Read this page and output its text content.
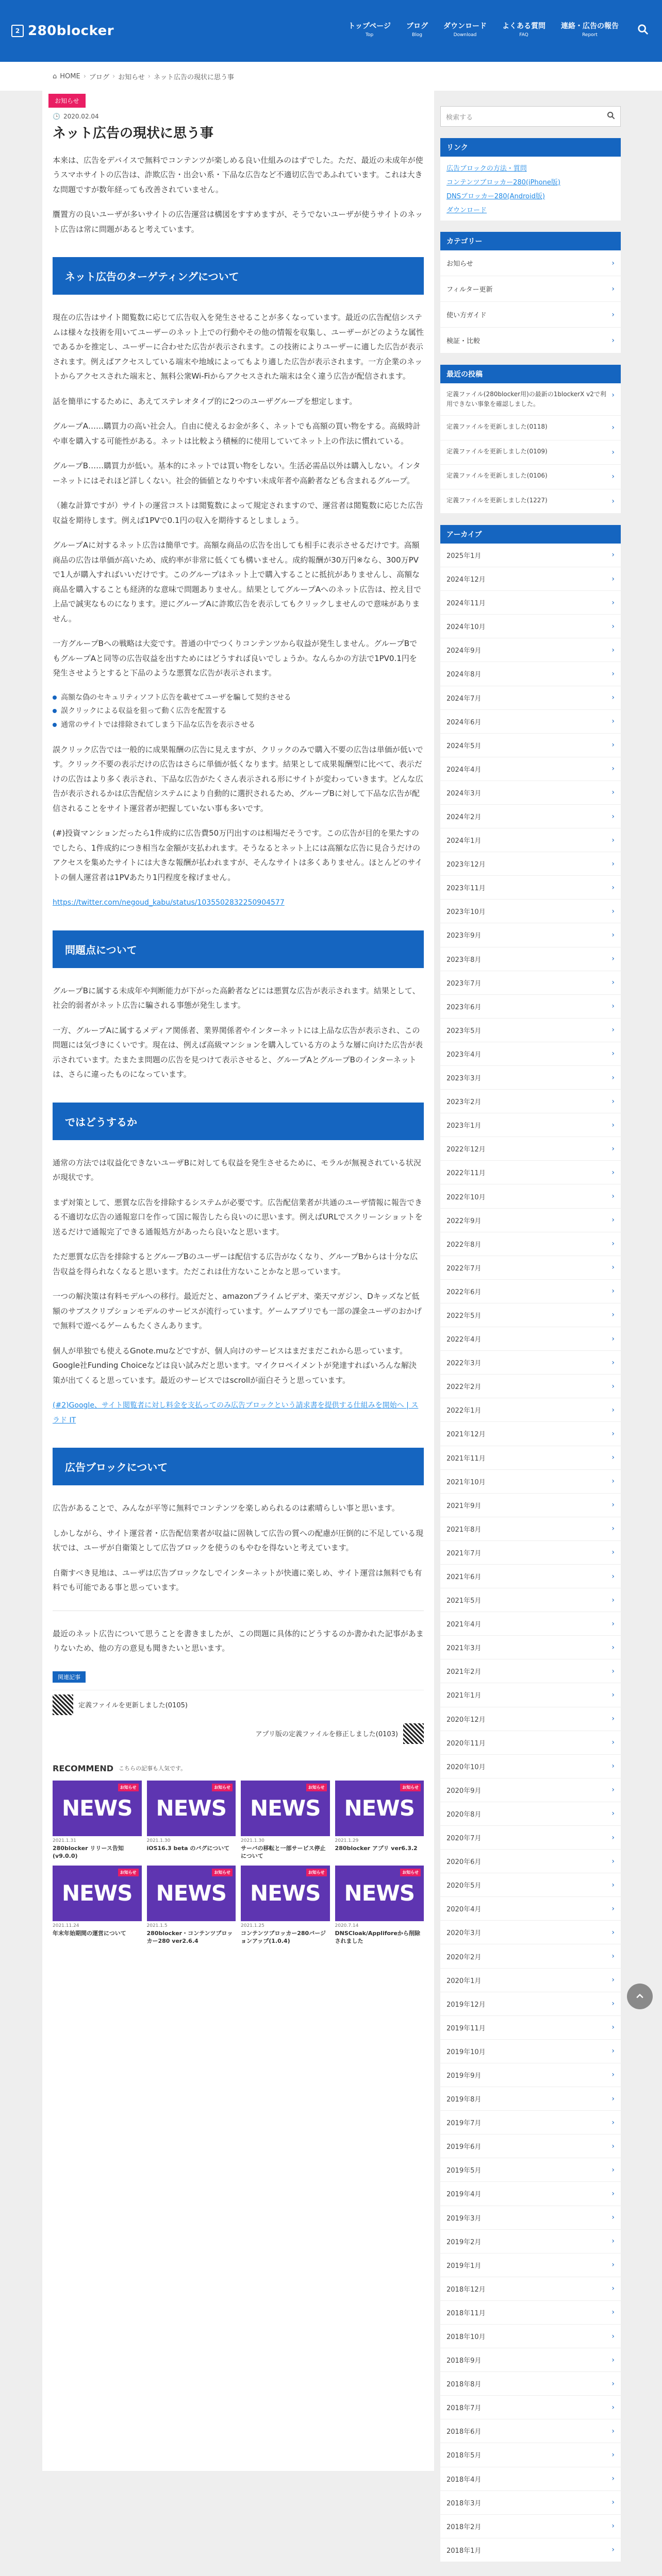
2 280blocker	トップページ
Top
ブログ
Blog
ダウンロード
Download
よくある質問
FAQ
連絡・広告の報告
Report
⌂ HOME › ブログ › お知らせ › ネット広告の現状に思う事
お知らせ
🕒 2020.02.04
ネット広告の現状に思う事

本来は、広告をデバイスで無料でコンテンツが楽しめる良い仕組みのはずでした。ただ、最近の未成年が使うスマホサイトの広告は、詐欺広告・出会い系・下品な広告など不適切広告であふれています。これは大きな問題ですが数年経っても改善されていません。

贋置方の良いユーザが多いサイトの広告運営は構図をすすめますが、そうでないユーザが使うサイトのネット広告は常に問題があると考えています。

ネット広告のターゲティングについて

現在の広告はサイト閲覧数に応じて広告収入を発生させることが多くなっています。最近の広告配信システムは様々な技術を用いてユーザーのネット上での行動やその他の情報を収集し、ユーザーがどのような属性であるかを推定し、ユーザーに合わせた広告が表示されます。この技術によりユーザーに適した広告が表示されます。例えばアクセスしている端末や地域によってもより適した広告が表示されます。一方企業のネットからアクセスされた端末と、無料公衆Wi-Fiからアクセスされた端末は全く違う広告が配信されます。

話を簡単にするために、あえてステレオタイプ的に2つのユーザグループを想定します。

グループA……購買力の高い社会人。自由に使えるお金が多く、ネットでも高額の買い物をする。高級時計や車を購入する可能性がある。ネットは比較よう積極的に使用していてネット上の作法に慣れている。

グループB……購買力が低い。基本的にネットでは買い物をしない。生活必需品以外は購入しない。インターネットにはそれほど詳しくない。社会的価値となりやすい未成年者や高齢者なども含まれるグループ。

（雑な計算ですが）サイトの運営コストは閲覧数によって規定されますので、運営者は閲覧数に応じた広告収益を期待します。例えば1PVで0.1円の収入を期待するとしましょう。

グループAに対するネット広告は簡単です。高額な商品の広告を出しても相手に表示させるだけです。高額商品の広告は単価が高いため、成約率が非常に低くても構いません。成約報酬が30万円※なら、300万PVで1人が購入すればいいだけです。このグループはネット上で購入することに抵抗がありませんし、高額な商品を購入することも経済的な意味で問題ありません。結果としてグループAへのネット広告は、控え目で上品で誠実なものになります。逆にグループAに詐欺広告を表示してもクリックしませんので意味がありません。

一方グループBへの戦略は大変です。普通の中でつくりコンテンツから収益が発生しません。グループBでもグループAと同等の広告収益を出すためにはどうすれば良いでしょうか。なんらかの方法で1PV0.1円を発生させようとすると下品のような悪質な広告が表示されます。

高額な偽のセキュリティソフト広告を載せてユーザを騙して契約させる
誤クリックによる収益を狙って動く広告を配置する
通常のサイトでは排除されてしまう下品な広告を表示させる

誤クリック広告では一般的に成果報酬の広告に見えますが、クリックのみで購入不要の広告は単価が低いです。クリック不要の表示だけの広告はさらに単価が低くなります。結果として成果報酬型に比べて、表示だけの広告はより多く表示され、下品な広告がたくさん表示される形にサイトが変わっていきます。どんな広告が表示されるかは広告配信システムにより自動的に選択されるため、グループBに対して下品な広告が配信されることをサイト運営者が把握していない事も多いです。

(#)投資マンションだったら1件成約に広告費50万円出すのは相場だそうです。この広告が目的を果たすのでしたら、1件成約につき相当な金額が支払われます。そうなるとネット上には高額な広告に見合うだけのアクセスを集めたサイトには大きな報酬が払われますが、そんなサイトは多くありません。ほとんどのサイトの個人運営者は1PVあたり1円程度を稼げません。

https://twitter.com/negoud_kabu/status/1035502832250904577

問題点について

グループBに属する未成年や判断能力が下がった高齢者などには悪質な広告が表示されます。結果として、社会的弱者がネット広告に騙される事態が発生します。

一方、グループAに属するメディア関係者、業界関係者やインターネットには上品な広告が表示され、この問題には気づきにくいです。現在は、例えば高級マンションを購入している方のような層に向けた広告が表示されています。たまたま問題の広告を見つけて表示させると、グループAとグループBのインターネットは、さらに違ったものになっています。

ではどうするか

通常の方法では収益化できないユーザBに対しても収益を発生させるために、モラルが無視されている状況が現状です。

まず対策として、悪質な広告を排除するシステムが必要です。広告配信業者が共通のユーザ情報に報告できる不適切な広告の通報窓口を作って国に報告したら良いのに思います。例えばURLでスクリーンショットを送るだけで通報完了できる通報処方があったら良いなと思います。

ただ悪質な広告を排除するとグループBのユーザーは配信する広告がなくなり、グループBからは十分な広告収益を得られなくなると思います。ただこれは仕方ないことかなと思っています。

一つの解決策は有料モデルへの移行。最近だと、amazonプライムビデオ、楽天マガジン、Dキッズなど低額のサブスクリプションモデルのサービスが流行っています。ゲームアプリでも一部の課金ユーザのおかげで無料で遊べるゲームもたくさんあります。

個人が単独でも使えるGnote.muなどですが、個人向けのサービスはまだまだこれから思っています。Google社Funding Choiceなどは良い試みだと思います。マイクロペイメントが発達すればいろんな解決策が出てくると思っています。最近のサービスではscrollが面白そうと思っています。

(#2)Google、サイト閲覧者に対し料金を支払ってのみ広告ブロックという請求書を提供する仕組みを開始へ | スラド IT

広告ブロックについて

広告があることで、みんなが平等に無料でコンテンツを楽しめられるのは素晴らしい事と思います。

しかしながら、サイト運営者・広告配信業者が収益に固執して広告の質への配慮が圧倒的に不足している現状では、ユーザが自衛策として広告ブロックを使うのもやむを得ないと考えています。

自衛すべき見地は、ユーザは広告ブロックなしでインターネットが快適に楽しめ、サイト運営は無料でも有料でも可能である事と思っています。

最近のネット広告について思うことを書きましたが、この問題に具体的にどうするのか書かれた記事があまりないため、他の方の意見も聞きたいと思います。

関連記事
定義ファイルを更新しました(0105)
アプリ版の定義ファイルを修正しました(0103)
RECOMMEND こちらの記事も人気です。
お知らせ
NEWS
2021.1.31
280blocker リリース告知(v9.0.0)
お知らせ
NEWS
2021.1.30
iOS16.3 beta のバグについて
お知らせ
NEWS
2021.1.30
サーバの移転と一部サービス停止について
お知らせ
NEWS
2021.1.29
280blocker アプリ ver6.3.2
お知らせ
NEWS
2021.11.24
年末年始期間の運営について
お知らせ
NEWS
2021.1.5
280blocker・コンテンツブロッカー280 ver2.6.4
お知らせ
NEWS
2021.1.25
コンテンツブロッカー280バージョンアップ(1.0.4)
お知らせ
NEWS
2020.7.14
DNSCloak/Appliforeから削除されました
検索する
リンク
広告ブロックの方法・質問
コンテンツブロッカー280(iPhone版)
DNSブロッカー280(Android版)
ダウンロード
カテゴリー
お知らせ	›
フィルター更新	›
使い方ガイド	›
検証・比較	›
最近の投稿
定義ファイル(280blocker用)の最新の1blockerX v2で利用できない事象を確認しました。
›
定義ファイルを更新しました(0118)	›
定義ファイルを更新しました(0109)	›
定義ファイルを更新しました(0106)	›
定義ファイルを更新しました(1227)	›
アーカイブ
2025年1月	›
2024年12月	›
2024年11月	›
2024年10月	›
2024年9月	›
2024年8月	›
2024年7月	›
2024年6月	›
2024年5月	›
2024年4月	›
2024年3月	›
2024年2月	›
2024年1月	›
2023年12月	›
2023年11月	›
2023年10月	›
2023年9月	›
2023年8月	›
2023年7月	›
2023年6月	›
2023年5月	›
2023年4月	›
2023年3月	›
2023年2月	›
2023年1月	›
2022年12月	›
2022年11月	›
2022年10月	›
2022年9月	›
2022年8月	›
2022年7月	›
2022年6月	›
2022年5月	›
2022年4月	›
2022年3月	›
2022年2月	›
2022年1月	›
2021年12月	›
2021年11月	›
2021年10月	›
2021年9月	›
2021年8月	›
2021年7月	›
2021年6月	›
2021年5月	›
2021年4月	›
2021年3月	›
2021年2月	›
2021年1月	›
2020年12月	›
2020年11月	›
2020年10月	›
2020年9月	›
2020年8月	›
2020年7月	›
2020年6月	›
2020年5月	›
2020年4月	›
2020年3月	›
2020年2月	›
2020年1月	›
2019年12月	›
2019年11月	›
2019年10月	›
2019年9月	›
2019年8月	›
2019年7月	›
2019年6月	›
2019年5月	›
2019年4月	›
2019年3月	›
2019年2月	›
2019年1月	›
2018年12月	›
2018年11月	›
2018年10月	›
2018年9月	›
2018年8月	›
2018年7月	›
2018年6月	›
2018年5月	›
2018年4月	›
2018年3月	›
2018年2月	›
2018年1月	›
